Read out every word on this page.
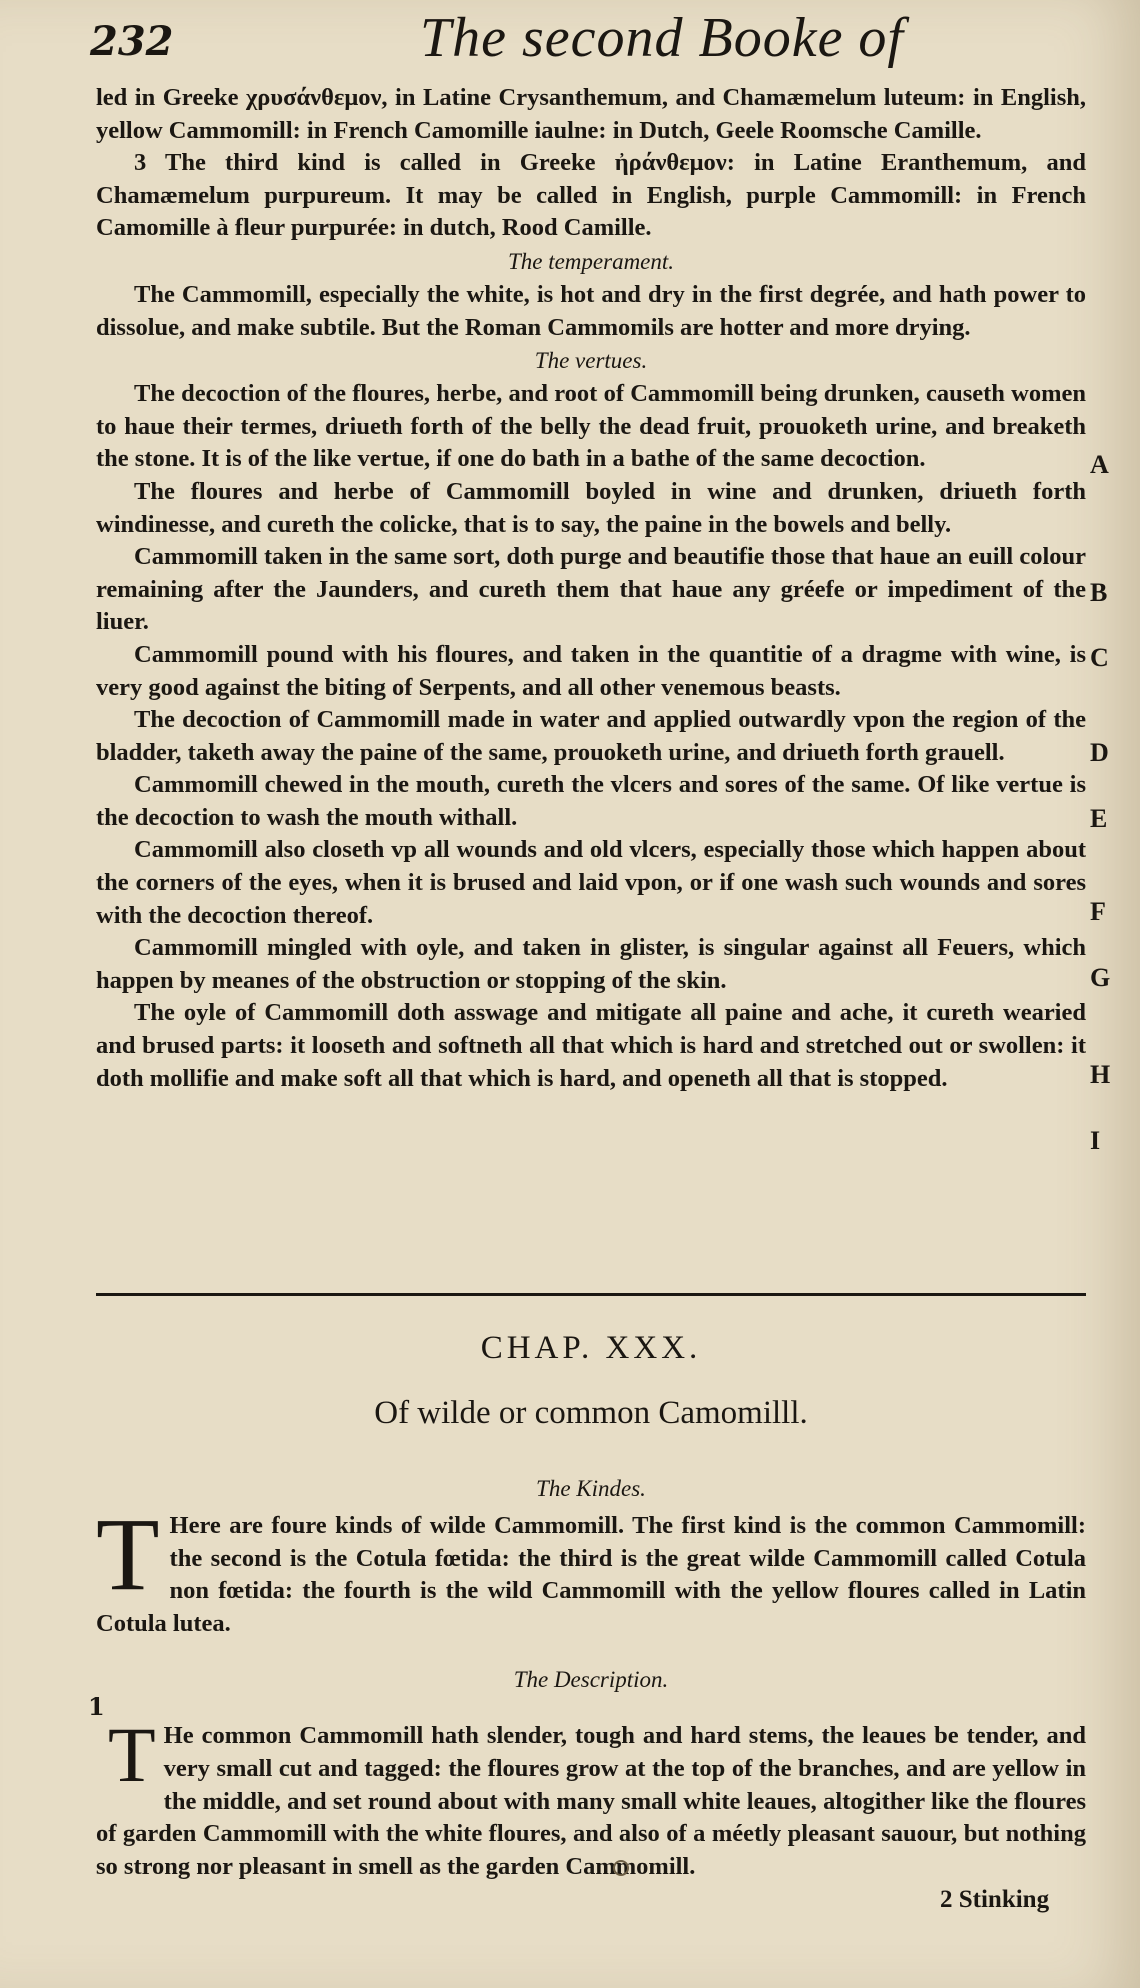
232	The second Booke of

led in Greeke χρυσάνθεμον, in Latine Crysanthemum, and Chamæmelum luteum: in English, yellow Cammomill: in French Camomille iaulne: in Dutch, Geele Roomsche Camille.

3 The third kind is called in Greeke ἠράνθεμον: in Latine Eranthemum, and Chamæmelum purpureum. It may be called in English, purple Cammomill: in French Camomille à fleur purpurée: in dutch, Rood Camille.

The temperament.

The Cammomill, especially the white, is hot and dry in the first degrée, and hath power to dissolue, and make subtile. But the Roman Cammomils are hotter and more drying.

The vertues.

The decoction of the floures, herbe, and root of Cammomill being drunken, causeth women to haue their termes, driueth forth of the belly the dead fruit, prouoketh urine, and breaketh the stone. It is of the like vertue, if one do bath in a bathe of the same decoction.

The floures and herbe of Cammomill boyled in wine and drunken, driueth forth windinesse, and cureth the colicke, that is to say, the paine in the bowels and belly.

Cammomill taken in the same sort, doth purge and beautifie those that haue an euill colour remaining after the Jaunders, and cureth them that haue any gréefe or impediment of the liuer.

Cammomill pound with his floures, and taken in the quantitie of a dragme with wine, is very good against the biting of Serpents, and all other venemous beasts.

The decoction of Cammomill made in water and applied outwardly vpon the region of the bladder, taketh away the paine of the same, prouoketh urine, and driueth forth grauell.

Cammomill chewed in the mouth, cureth the vlcers and sores of the same. Of like vertue is the decoction to wash the mouth withall.

Cammomill also closeth vp all wounds and old vlcers, especially those which happen about the corners of the eyes, when it is brused and laid vpon, or if one wash such wounds and sores with the decoction thereof.

Cammomill mingled with oyle, and taken in glister, is singular against all Feuers, which happen by meanes of the obstruction or stopping of the skin.

The oyle of Cammomill doth asswage and mitigate all paine and ache, it cureth wearied and brused parts: it looseth and softneth all that which is hard and stretched out or swollen: it doth mollifie and make soft all that which is hard, and openeth all that is stopped.

A
B
C
D
E
F
G
H
I
CHAP. XXX.
Of wilde or common Camomilll.
The Kindes.

T Here are foure kinds of wilde Cammomill. The first kind is the common Cammomill: the second is the Cotula fœtida: the third is the great wilde Cammomill called Cotula non fœtida: the fourth is the wild Cammomill with the yellow floures called in Latin Cotula lutea.

The Description.

T He common Cammomill hath slender, tough and hard stems, the leaues be tender, and very small cut and tagged: the floures grow at the top of the branches, and are yellow in the middle, and set round about with many small white leaues, altogither like the floures of garden Cammomill with the white floures, and also of a méetly pleasant sauour, but nothing so strong nor pleasant in smell as the garden Cammomill.

1
2 Stinking
